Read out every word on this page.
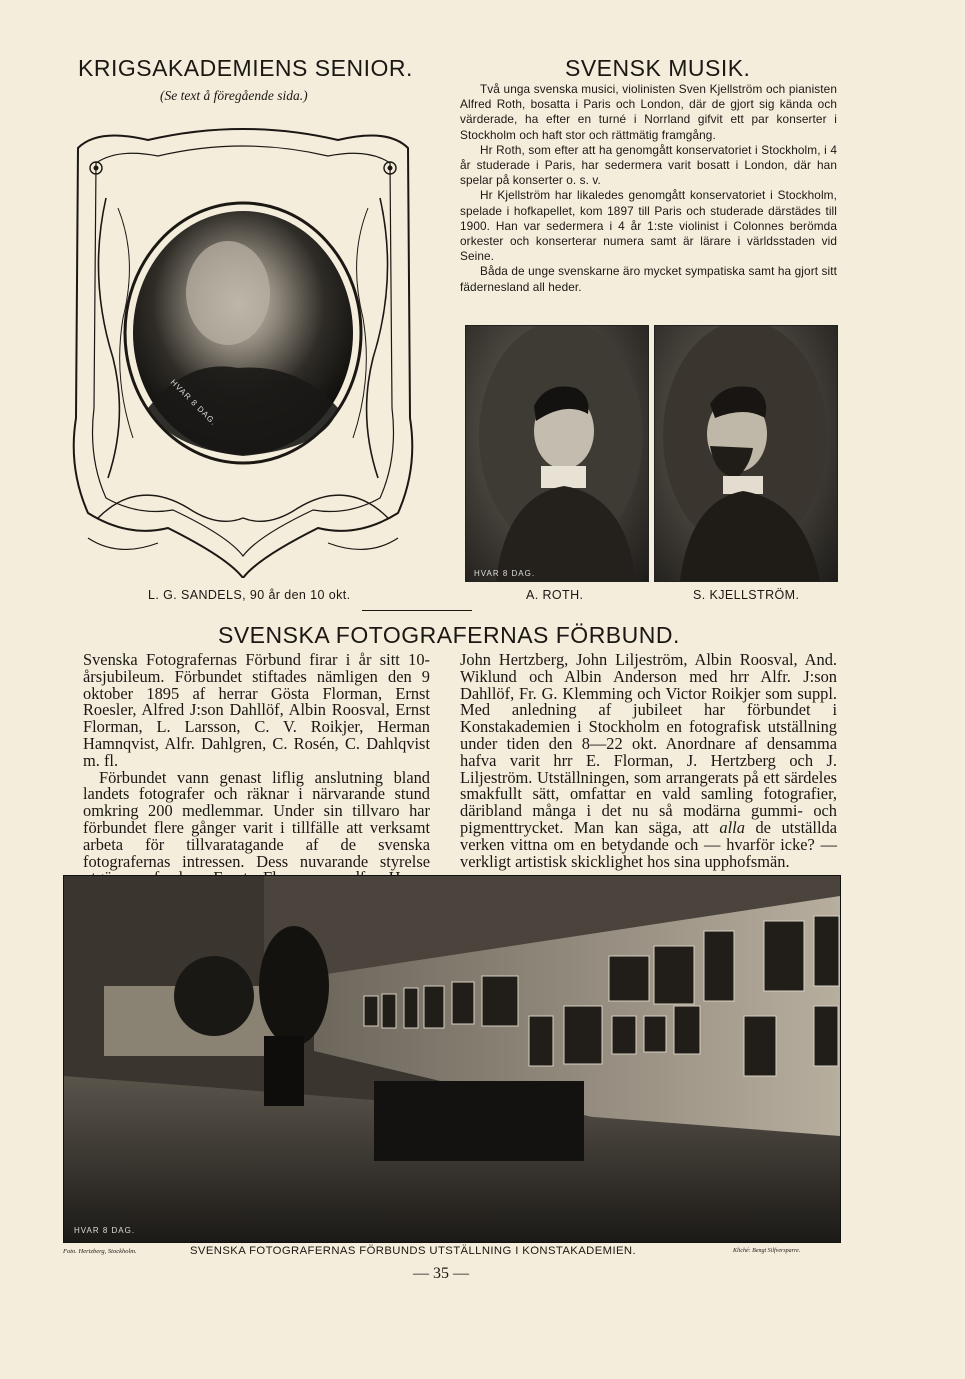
KRIGSAKADEMIENS SENIOR.
(Se text å föregående sida.)
HVAR 8 DAG.
L. G. SANDELS, 90 år den 10 okt.
SVENSK MUSIK.
Två unga svenska musici, violinisten Sven Kjellström och pianisten Alfred Roth, bosatta i Paris och London, där de gjort sig kända och värderade, ha efter en turné i Norrland gifvit ett par konserter i Stockholm och haft stor och rättmätig framgång.
Hr Roth, som efter att ha genomgått konservatoriet i Stockholm, i 4 år studerade i Paris, har sedermera varit bosatt i London, där han spelar på konserter o. s. v.
Hr Kjellström har likaledes genomgått konservatoriet i Stockholm, spelade i hofkapellet, kom 1897 till Paris och studerade därstädes till 1900. Han var sedermera i 4 år 1:ste violinist i Colonnes berömda orkester och konserterar numera samt är lärare i världsstaden vid Seine.
Båda de unge svenskarne äro mycket sympatiska samt ha gjort sitt fädernesland all heder.
HVAR 8 DAG.
A. ROTH.	S. KJELLSTRÖM.
SVENSKA FOTOGRAFERNAS FÖRBUND.
Svenska Fotografernas Förbund firar i år sitt 10-årsjubileum. Förbundet stiftades nämligen den 9 oktober 1895 af herrar Gösta Florman, Ernst Roesler, Alfred J:son Dahllöf, Albin Roosval, Ernst Florman, L. Larsson, C. V. Roikjer, Herman Hamnqvist, Alfr. Dahlgren, C. Rosén, C. Dahlqvist m. fl.
Förbundet vann genast liflig anslutning bland landets fotografer och räknar i närvarande stund omkring 200 medlemmar. Under sin tillvaro har förbundet flere gånger varit i tillfälle att verksamt arbeta för tillvaratagande af de svenska fotografernas intressen. Dess nuvarande styrelse
John Hertzberg, John Liljeström, Albin Roosval, And. Wiklund och Albin Anderson med hrr Alfr. J:son Dahllöf, Fr. G. Klemming och Victor Roikjer som suppl. Med anledning af jubileet har förbundet i Konstakademien i Stockholm en fotografisk utställning under tiden den 8—22 okt. Anordnare af densamma hafva varit hrr E. Florman, J. Hertzberg och J. Liljeström. Utställningen, som arrangerats på ett särdeles smakfullt sätt, omfattar en vald samling fotografier, däribland många i det nu så modärna gummi- och pigmenttrycket. Man kan säga, att alla de utställda verken vittna om en betydande och — hvarför icke? — verkligt artistisk skicklighet hos sina upphofsmän.
HVAR 8 DAG.
Foto. Hertzberg, Stockholm.	SVENSKA FOTOGRAFERNAS FÖRBUNDS UTSTÄLLNING I KONSTAKADEMIEN.	Kliché: Bengt Silfversparre.
— 35 —
